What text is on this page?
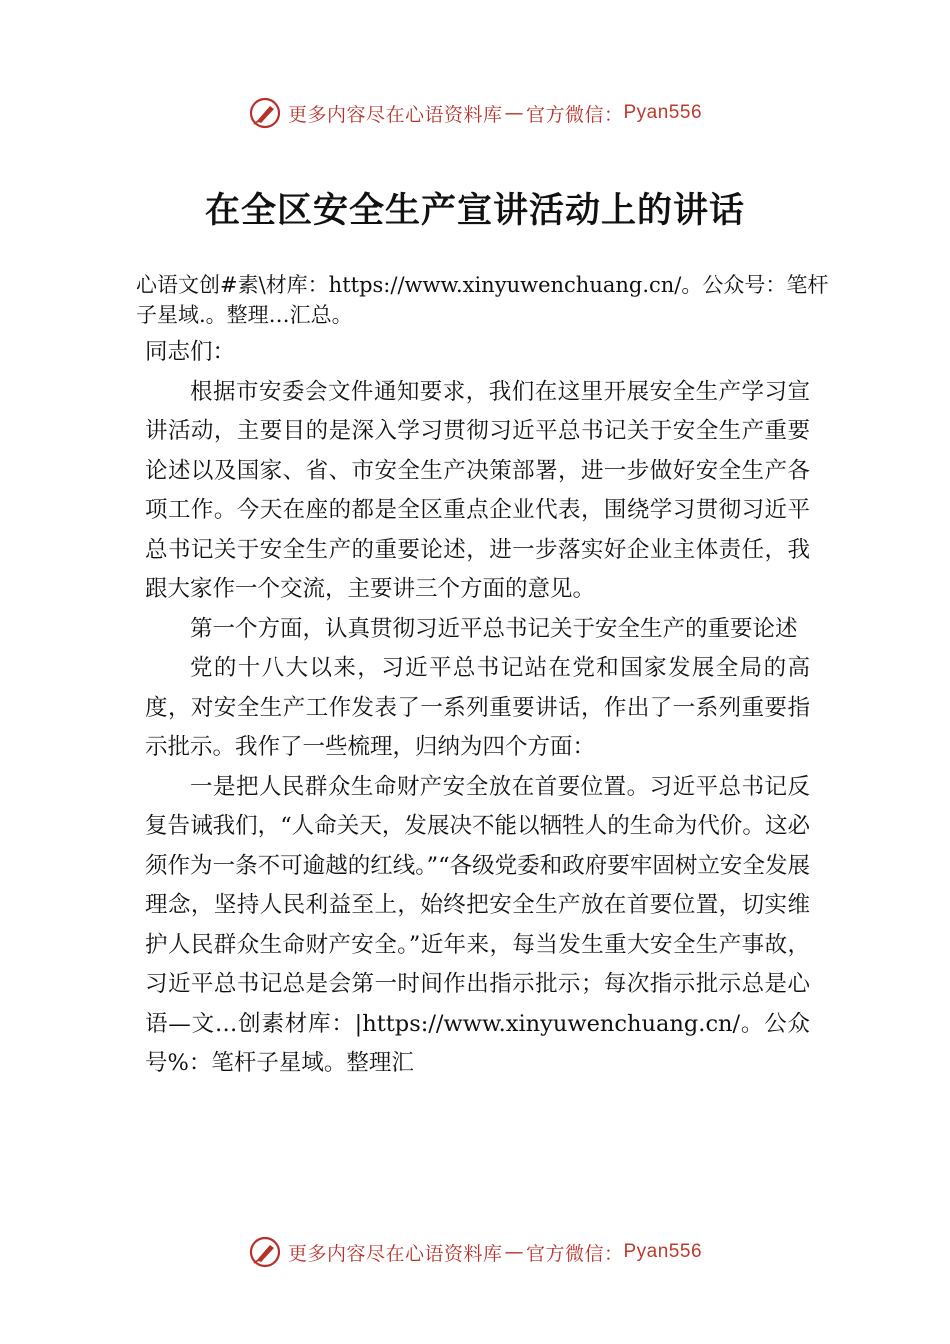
更多内容尽在心语资料库 — 官方微信： Pyan556
在全区安全生产宣讲活动上的讲话
心语文创#素\材库：https://www.xinyuwenchuang.cn/。公众号：笔杆子星域.。整理…汇总。

同志们：

根据市安委会文件通知要求，我们在这里开展安全生产学习宣讲活动，主要目的是深入学习贯彻习近平总书记关于安全生产重要论述以及国家、省、市安全生产决策部署，进一步做好安全生产各项工作。今天在座的都是全区重点企业代表，围绕学习贯彻习近平总书记关于安全生产的重要论述，进一步落实好企业主体责任，我跟大家作一个交流，主要讲三个方面的意见。

第一个方面，认真贯彻习近平总书记关于安全生产的重要论述

党的十八大以来，习近平总书记站在党和国家发展全局的高度，对安全生产工作发表了一系列重要讲话，作出了一系列重要指示批示。我作了一些梳理，归纳为四个方面：

一是把人民群众生命财产安全放在首要位置。习近平总书记反复告诫我们，“人命关天，发展决不能以牺牲人的生命为代价。这必须作为一条不可逾越的红线。”“各级党委和政府要牢固树立安全发展理念，坚持人民利益至上，始终把安全生产放在首要位置，切实维护人民群众生命财产安全。”近年来，每当发生重大安全生产事故，习近平总书记总是会第一时间作出指示批示；每次指示批示总是心语—文…创素材库：|https://www.xinyuwenchuang.cn/。公众号%：笔杆子星域。整理汇

更多内容尽在心语资料库 — 官方微信： Pyan556
